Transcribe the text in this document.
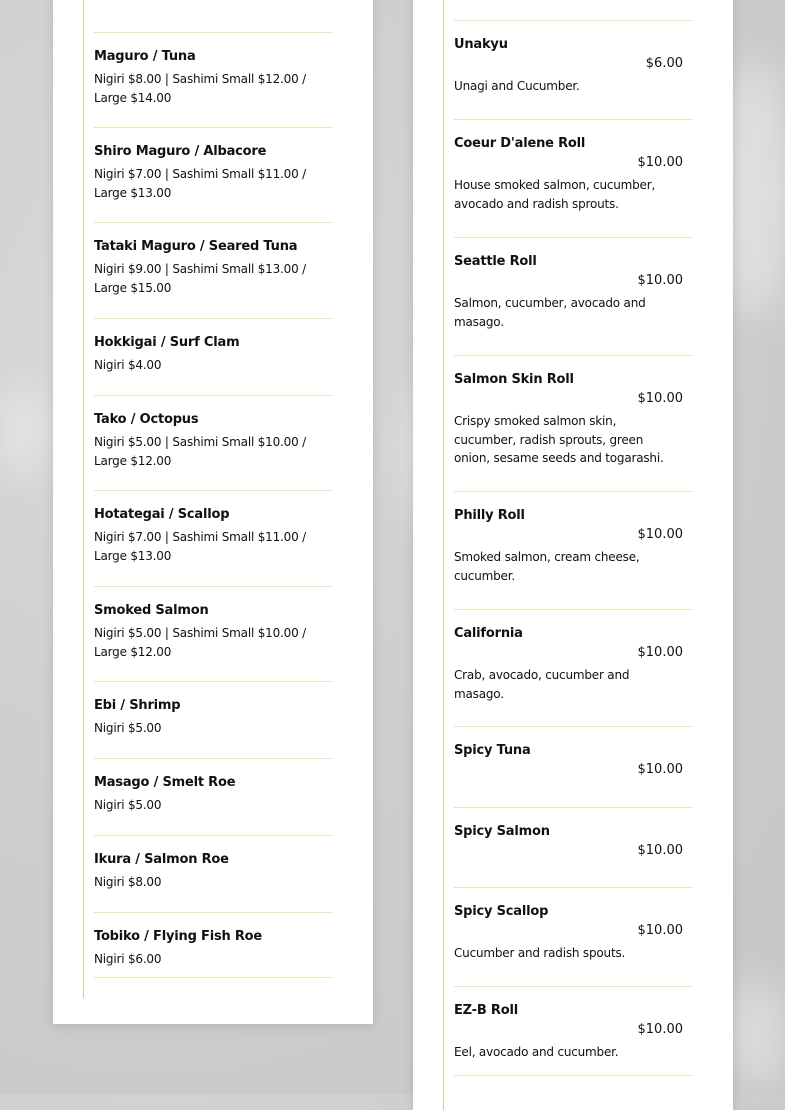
Maguro / Tuna

Nigiri $8.00 | Sashimi Small $12.00 / Large $14.00

Shiro Maguro / Albacore

Nigiri $7.00 | Sashimi Small $11.00 / Large $13.00

Tataki Maguro / Seared Tuna

Nigiri $9.00 | Sashimi Small $13.00 / Large $15.00

Hokkigai / Surf Clam

Nigiri $4.00

Tako / Octopus

Nigiri $5.00 | Sashimi Small $10.00 / Large $12.00

Hotategai / Scallop

Nigiri $7.00 | Sashimi Small $11.00 / Large $13.00

Smoked Salmon

Nigiri $5.00 | Sashimi Small $10.00 / Large $12.00

Ebi / Shrimp

Nigiri $5.00

Masago / Smelt Roe

Nigiri $5.00

Ikura / Salmon Roe

Nigiri $8.00

Tobiko / Flying Fish Roe

Nigiri $6.00

Unakyu

$6.00

Unagi and Cucumber.

Coeur D'alene Roll

$10.00

House smoked salmon, cucumber, avocado and radish sprouts.

Seattle Roll

$10.00

Salmon, cucumber, avocado and masago.

Salmon Skin Roll

$10.00

Crispy smoked salmon skin, cucumber, radish sprouts, green onion, sesame seeds and togarashi.

Philly Roll

$10.00

Smoked salmon, cream cheese, cucumber.

California

$10.00

Crab, avocado, cucumber and masago.

Spicy Tuna

$10.00

Spicy Salmon

$10.00

Spicy Scallop

$10.00

Cucumber and radish spouts.

EZ-B Roll

$10.00

Eel, avocado and cucumber.
